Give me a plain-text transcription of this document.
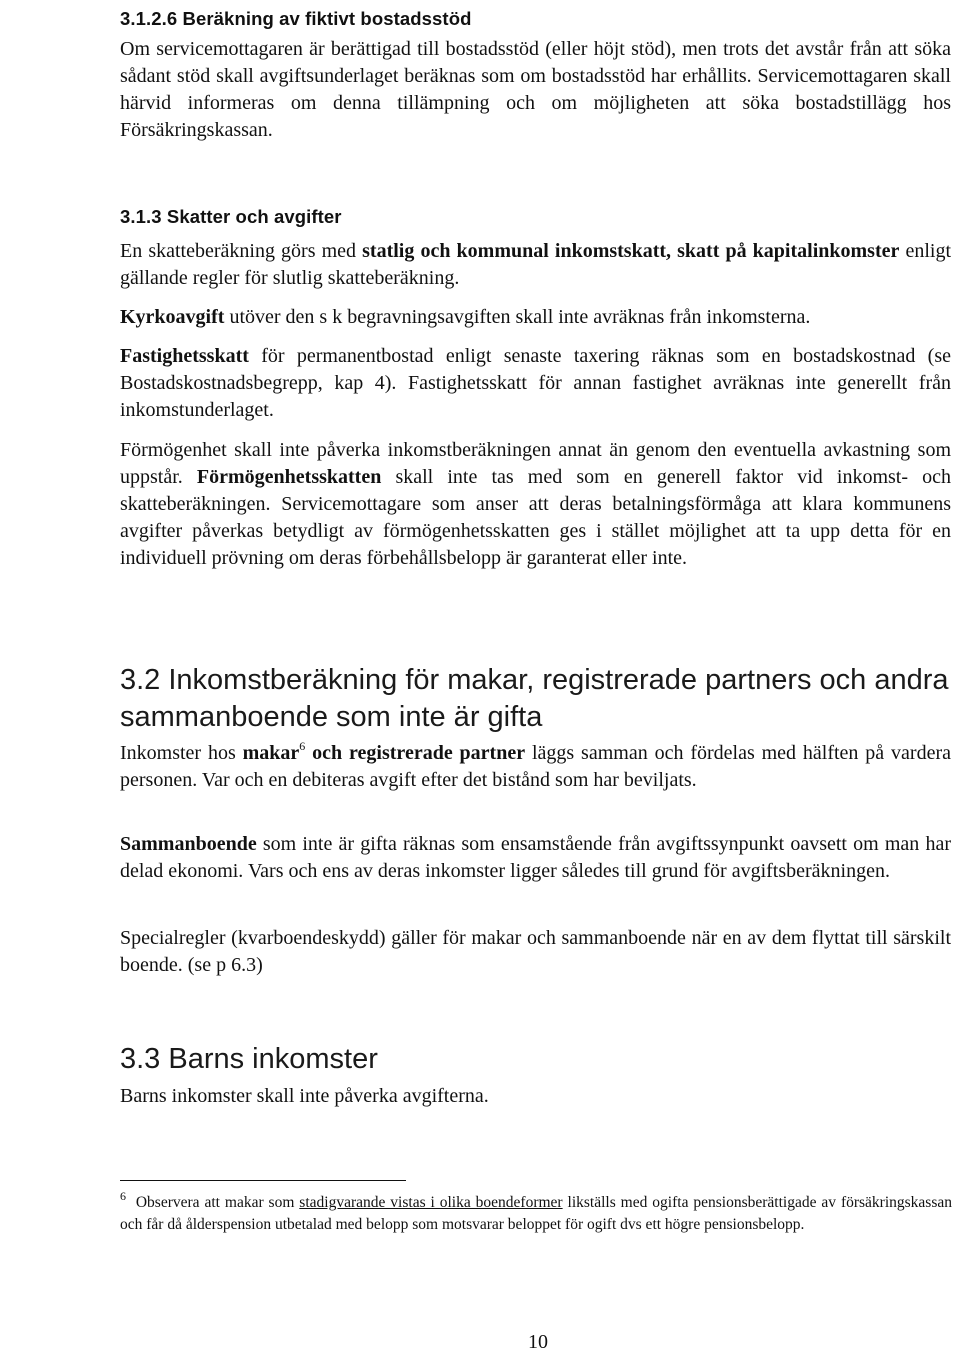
3.1.2.6 Beräkning av fiktivt bostadsstöd
Om servicemottagaren är berättigad till bostadsstöd (eller höjt stöd), men trots det avstår från att söka sådant stöd skall avgiftsunderlaget beräknas som om bostadsstöd har erhållits. Servicemottagaren skall härvid informeras om denna tillämpning och om möjligheten att söka bostadstillägg hos Försäkringskassan.
3.1.3 Skatter och avgifter
En skatteberäkning görs med statlig och kommunal inkomstskatt, skatt på kapitalinkomster enligt gällande regler för slutlig skatteberäkning.
Kyrkoavgift utöver den s k begravningsavgiften skall inte avräknas från inkomsterna.
Fastighetsskatt för permanentbostad enligt senaste taxering räknas som en bostadskostnad (se Bostadskostnadsbegrepp, kap 4). Fastighetsskatt för annan fastighet avräknas inte generellt från inkomstunderlaget.
Förmögenhet skall inte påverka inkomstberäkningen annat än genom den eventuella avkastning som uppstår. Förmögenhetsskatten skall inte tas med som en generell faktor vid inkomst- och skatteberäkningen. Servicemottagare som anser att deras betalningsförmåga att klara kommunens avgifter påverkas betydligt av förmögenhetsskatten ges i stället möjlighet att ta upp detta för en individuell prövning om deras förbehållsbelopp är garanterat eller inte.
3.2 Inkomstberäkning för makar, registrerade partners och andra sammanboende som inte är gifta
Inkomster hos makar$^6$ och registrerade partner läggs samman och fördelas med hälften på vardera personen. Var och en debiteras avgift efter det bistånd som har beviljats.
Sammanboende som inte är gifta räknas som ensamstående från avgiftssynpunkt oavsett om man har delad ekonomi. Vars och ens av deras inkomster ligger således till grund för avgiftsberäkningen.
Specialregler (kvarboendeskydd) gäller för makar och sammanboende när en av dem flyttat till särskilt boende. (se p 6.3)
3.3 Barns inkomster
Barns inkomster skall inte påverka avgifterna.
$^6$ Observera att makar som stadigvarande vistas i olika boendeformer likställs med ogifta pensionsberättigade av försäkringskassan och får då ålderspension utbetalad med belopp som motsvarar beloppet för ogift dvs ett högre pensionsbelopp.
10
